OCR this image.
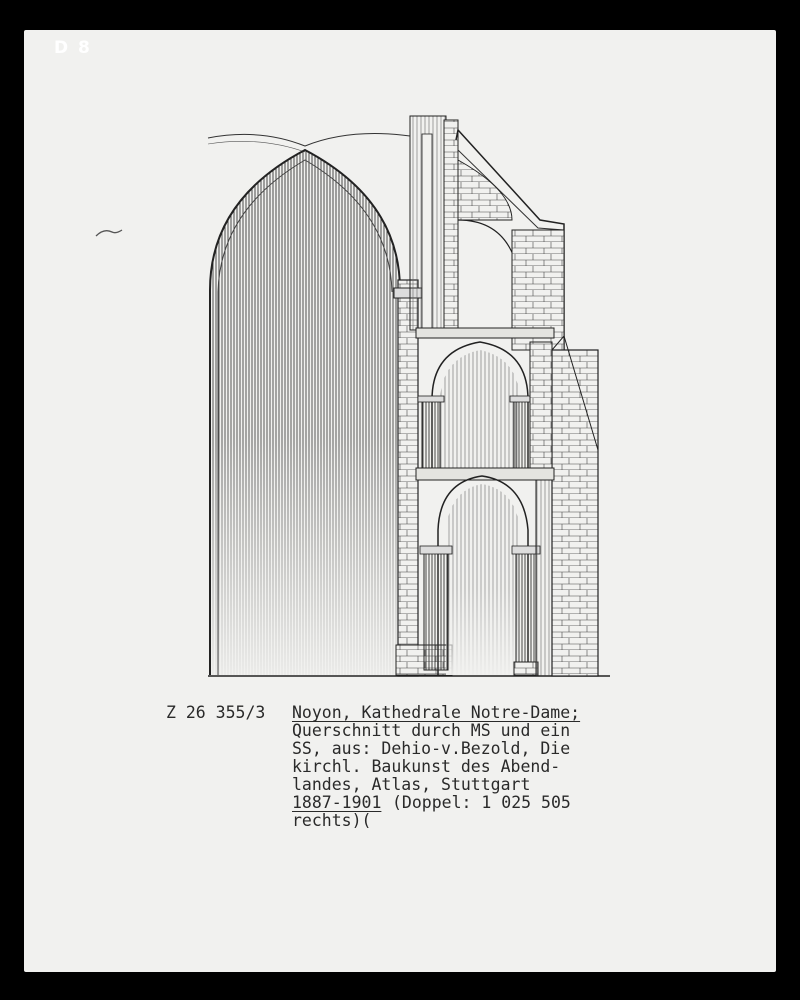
D 8

Z 26 355/3

Noyon, Kathedrale Notre-Dame;

Querschnitt durch MS und ein

SS, aus: Dehio-v.Bezold, Die

kirchl. Baukunst des Abend-

landes, Atlas, Stuttgart

1887-1901

(Doppel: 1 025 505

rechts)(
